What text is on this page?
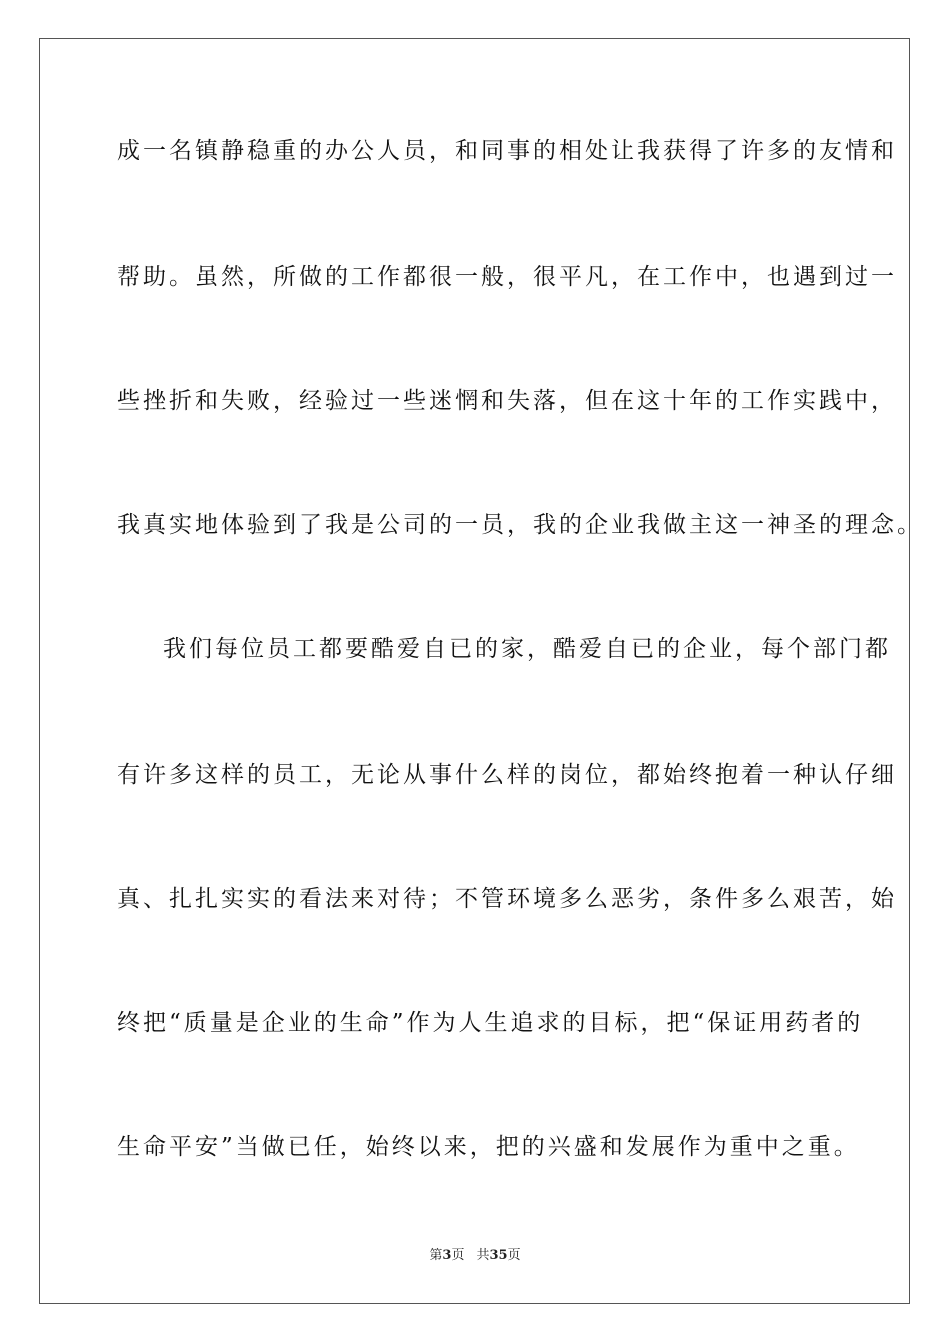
成一名镇静稳重的办公人员，和同事的相处让我获得了许多的友情和
帮助。虽然，所做的工作都很一般，很平凡，在工作中，也遇到过一
些挫折和失败，经验过一些迷惘和失落，但在这十年的工作实践中，
我真实地体验到了我是公司的一员，我的企业我做主这一神圣的理念。
我们每位员工都要酷爱自已的家，酷爱自已的企业，每个部门都
有许多这样的员工，无论从事什么样的岗位，都始终抱着一种认仔细
真、扎扎实实的看法来对待；不管环境多么恶劣，条件多么艰苦，始
终把“质量是企业的生命”作为人生追求的目标，把“保证用药者的
生命平安”当做已任，始终以来，把的兴盛和发展作为重中之重。
第3页 共35页
